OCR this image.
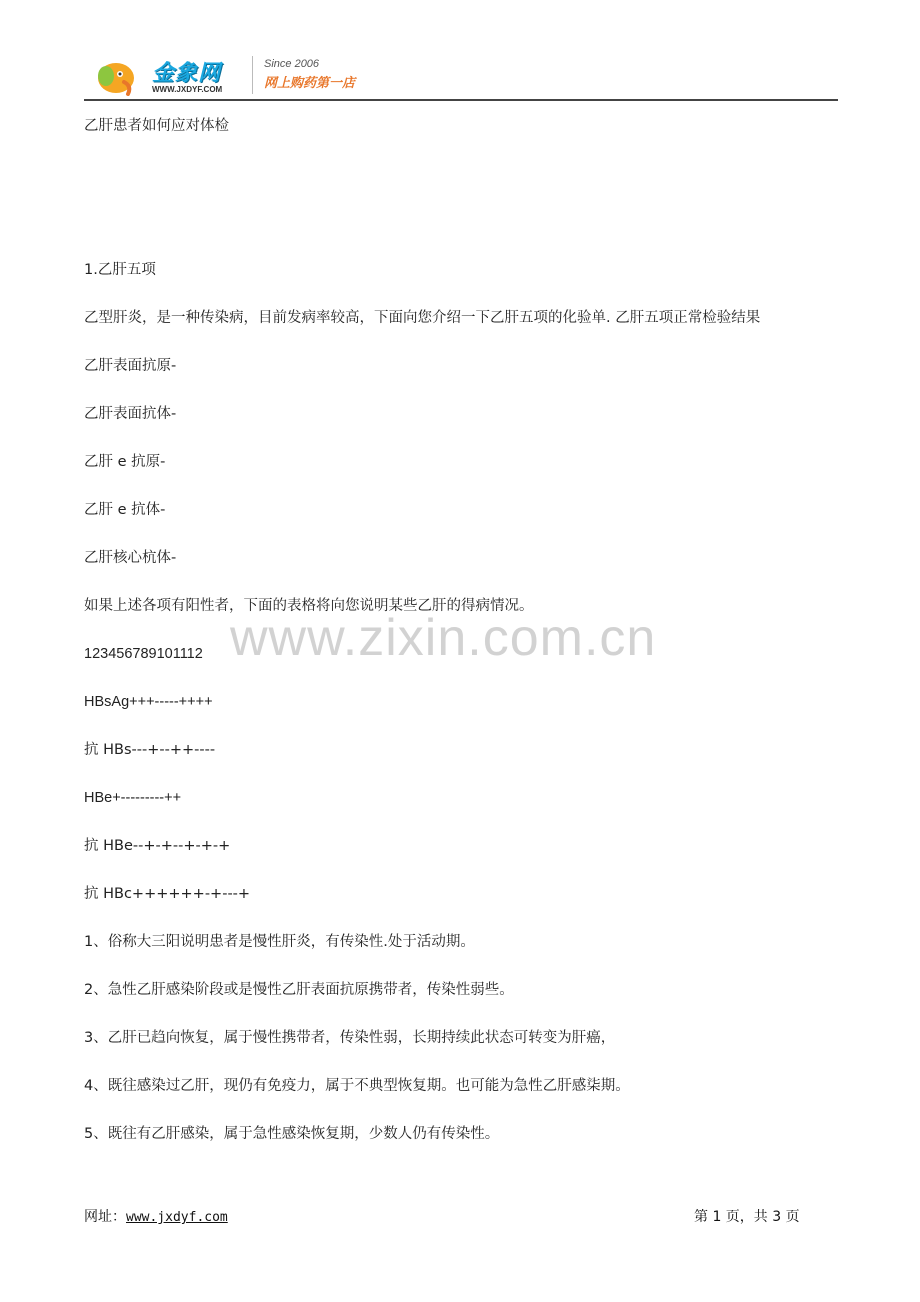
金象网
WWW.JXDYF.COM
Since 2006
网上购药第一店
www.zixin.com.cn
乙肝患者如何应对体检
1.乙肝五项
乙型肝炎，是一种传染病，目前发病率较高，下面向您介绍一下乙肝五项的化验单. 乙肝五项正常检验结果
乙肝表面抗原-
乙肝表面抗体-
乙肝 e 抗原-
乙肝 e 抗体-
乙肝核心杭体-
如果上述各项有阳性者，下面的表格将向您说明某些乙肝的得病情况。
123456789101112
HBsAg+++-----++++
抗 HBs---+--++----
HBe+---------++
抗 HBe--+-+--+-+-+
抗 HBc++++++-+---+
1、俗称大三阳说明患者是慢性肝炎，有传染性.处于活动期。
2、急性乙肝感染阶段或是慢性乙肝表面抗原携带者，传染性弱些。
3、乙肝已趋向恢复，属于慢性携带者，传染性弱，长期持续此状态可转变为肝癌，
4、既往感染过乙肝，现仍有免疫力，属于不典型恢复期。也可能为急性乙肝感柒期。
5、既往有乙肝感染，属于急性感染恢复期，少数人仍有传染性。
网址：www.jxdyf.com	第 1 页，共 3 页
